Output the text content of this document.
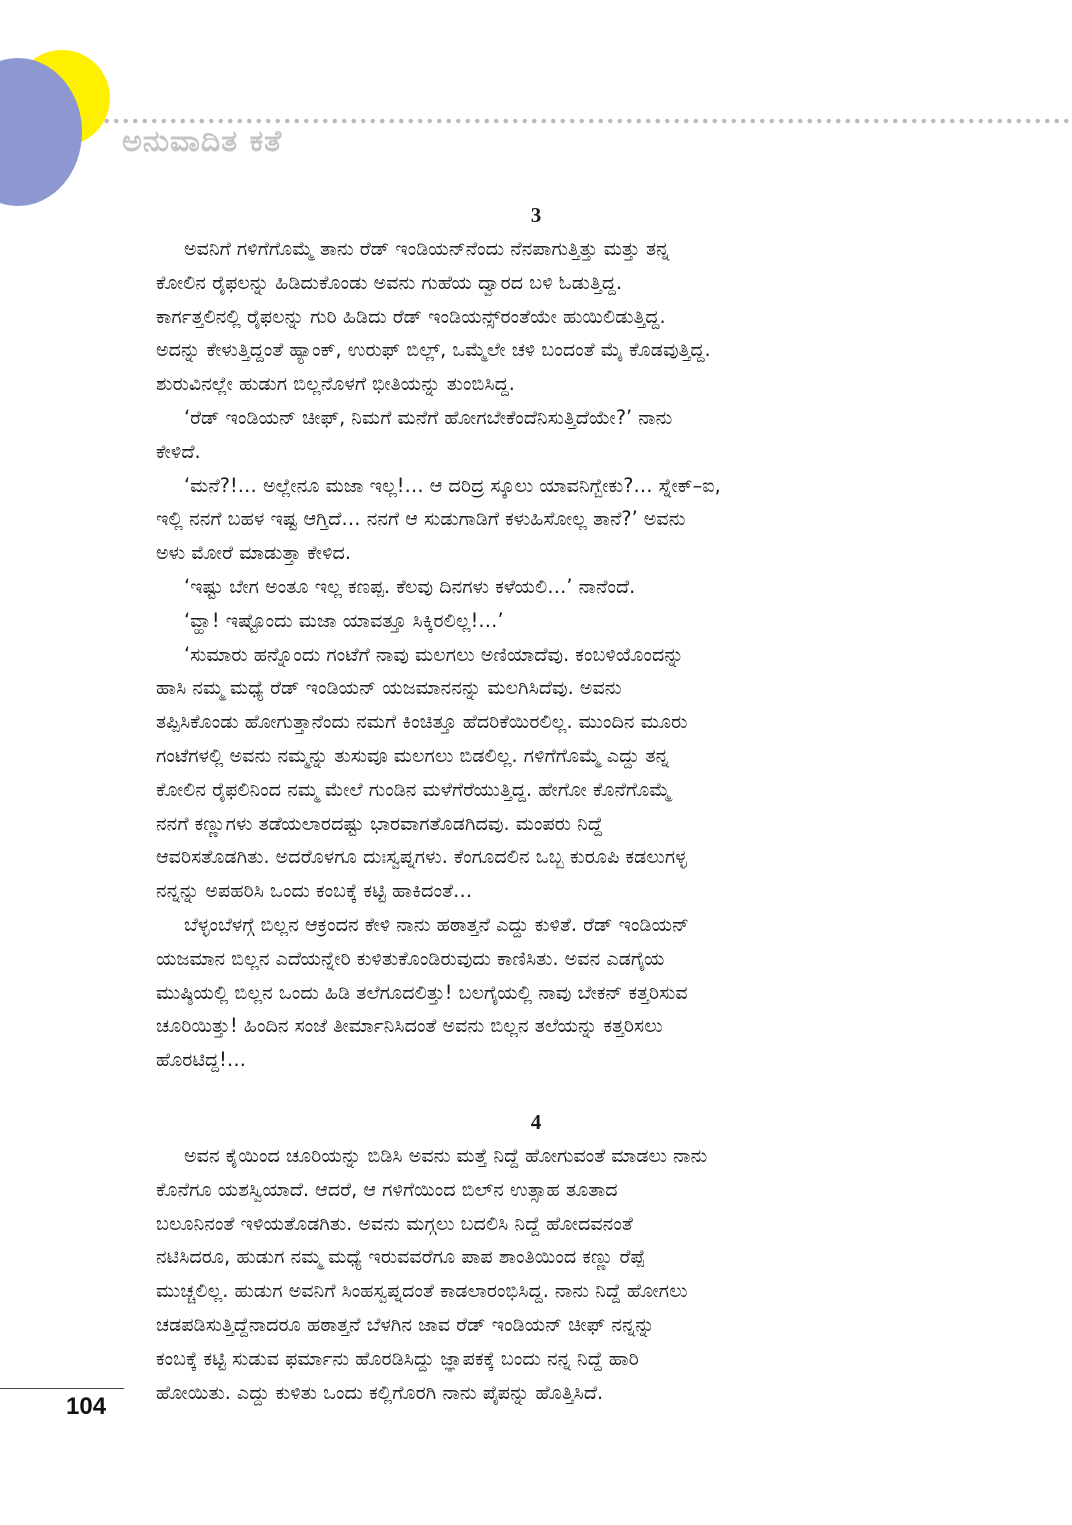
ಅನುವಾದಿತ ಕತೆ
3

ಅವನಿಗೆ ಗಳಿಗೆಗೊಮ್ಮೆ ತಾನು ರೆಡ್ ಇಂಡಿಯನ್‌ನೆಂದು ನೆನಪಾಗುತ್ತಿತ್ತು ಮತ್ತು ತನ್ನ
ಕೋಲಿನ ರೈಫಲನ್ನು ಹಿಡಿದುಕೊಂಡು ಅವನು ಗುಹೆಯ ದ್ವಾರದ ಬಳಿ ಓಡುತ್ತಿದ್ದ.
ಕಾರ್ಗತ್ತಲಿನಲ್ಲಿ ರೈಫಲನ್ನು ಗುರಿ ಹಿಡಿದು ರೆಡ್ ಇಂಡಿಯನ್ಸ್‌ರಂತೆಯೇ ಹುಯಿಲಿಡುತ್ತಿದ್ದ.
ಅದನ್ನು ಕೇಳುತ್ತಿದ್ದಂತೆ ಹ್ಯಾಂಕ್, ಉರುಫ್ ಬಿಲ್ಲ್, ಒಮ್ಮೆಲೇ ಚಳಿ ಬಂದಂತೆ ಮೈ ಕೊಡವುತ್ತಿದ್ದ.
ಶುರುವಿನಲ್ಲೇ ಹುಡುಗ ಬಿಲ್ಲನೊಳಗೆ ಭೀತಿಯನ್ನು ತುಂಬಿಸಿದ್ದ.

‘ರೆಡ್ ಇಂಡಿಯನ್ ಚೀಫ್, ನಿಮಗೆ ಮನೆಗೆ ಹೋಗಬೇಕೆಂದೆನಿಸುತ್ತಿದೆಯೇ?’ ನಾನು
ಕೇಳಿದೆ.

‘ಮನೆ?!… ಅಲ್ಲೇನೂ ಮಜಾ ಇಲ್ಲ!… ಆ ದರಿದ್ರ ಸ್ಕೂಲು ಯಾವನಿಗ್ಬೇಕು?… ಸ್ನೇಕ್–ಐ,
ಇಲ್ಲಿ ನನಗೆ ಬಹಳ ಇಷ್ಟ ಆಗ್ತಿದೆ… ನನಗೆ ಆ ಸುಡುಗಾಡಿಗೆ ಕಳುಹಿಸೋಲ್ಲ ತಾನೆ?’ ಅವನು
ಅಳು ಮೋರೆ ಮಾಡುತ್ತಾ ಕೇಳಿದ.

‘ಇಷ್ಟು ಬೇಗ ಅಂತೂ ಇಲ್ಲ ಕಣಪ್ಪ. ಕೆಲವು ದಿನಗಳು ಕಳೆಯಲಿ…’ ನಾನೆಂದೆ.

‘ವ್ಹಾ! ಇಷ್ಟೊಂದು ಮಜಾ ಯಾವತ್ತೂ ಸಿಕ್ಕಿರಲಿಲ್ಲ!…’

‘ಸುಮಾರು ಹನ್ನೊಂದು ಗಂಟೆಗೆ ನಾವು ಮಲಗಲು ಅಣಿಯಾದೆವು. ಕಂಬಳಿಯೊಂದನ್ನು
ಹಾಸಿ ನಮ್ಮ ಮಧ್ಯೆ ರೆಡ್ ಇಂಡಿಯನ್ ಯಜಮಾನನನ್ನು ಮಲಗಿಸಿದೆವು. ಅವನು
ತಪ್ಪಿಸಿಕೊಂಡು ಹೋಗುತ್ತಾನೆಂದು ನಮಗೆ ಕಿಂಚಿತ್ತೂ ಹೆದರಿಕೆಯಿರಲಿಲ್ಲ. ಮುಂದಿನ ಮೂರು
ಗಂಟೆಗಳಲ್ಲಿ ಅವನು ನಮ್ಮನ್ನು ತುಸುವೂ ಮಲಗಲು ಬಿಡಲಿಲ್ಲ. ಗಳಿಗೆಗೊಮ್ಮೆ ಎದ್ದು ತನ್ನ
ಕೋಲಿನ ರೈಫಲಿನಿಂದ ನಮ್ಮ ಮೇಲೆ ಗುಂಡಿನ ಮಳೆಗೆರೆಯುತ್ತಿದ್ದ. ಹೇಗೋ ಕೊನೆಗೊಮ್ಮೆ
ನನಗೆ ಕಣ್ಣುಗಳು ತಡೆಯಲಾರದಷ್ಟು ಭಾರವಾಗತೊಡಗಿದವು. ಮಂಪರು ನಿದ್ದೆ
ಆವರಿಸತೊಡಗಿತು. ಅದರೊಳಗೂ ದುಃಸ್ವಪ್ನಗಳು. ಕೆಂಗೂದಲಿನ ಒಬ್ಬ ಕುರೂಪಿ ಕಡಲುಗಳ್ಳ
ನನ್ನನ್ನು ಅಪಹರಿಸಿ ಒಂದು ಕಂಬಕ್ಕೆ ಕಟ್ಟಿ ಹಾಕಿದಂತೆ…

ಬೆಳ್ಳಂಬೆಳಗ್ಗೆ ಬಿಲ್ಲನ ಆಕ್ರಂದನ ಕೇಳಿ ನಾನು ಹಠಾತ್ತನೆ ಎದ್ದು ಕುಳಿತೆ. ರೆಡ್ ಇಂಡಿಯನ್
ಯಜಮಾನ ಬಿಲ್ಲನ ಎದೆಯನ್ನೇರಿ ಕುಳಿತುಕೊಂಡಿರುವುದು ಕಾಣಿಸಿತು. ಅವನ ಎಡಗೈಯ
ಮುಷ್ಠಿಯಲ್ಲಿ ಬಿಲ್ಲನ ಒಂದು ಹಿಡಿ ತಲೆಗೂದಲಿತ್ತು! ಬಲಗೈಯಲ್ಲಿ ನಾವು ಬೇಕನ್ ಕತ್ತರಿಸುವ
ಚೂರಿಯಿತ್ತು! ಹಿಂದಿನ ಸಂಜೆ ತೀರ್ಮಾನಿಸಿದಂತೆ ಅವನು ಬಿಲ್ಲನ ತಲೆಯನ್ನು ಕತ್ತರಿಸಲು
ಹೊರಟಿದ್ದ!…

4

ಅವನ ಕೈಯಿಂದ ಚೂರಿಯನ್ನು ಬಿಡಿಸಿ ಅವನು ಮತ್ತೆ ನಿದ್ದೆ ಹೋಗುವಂತೆ ಮಾಡಲು ನಾನು
ಕೊನೆಗೂ ಯಶಸ್ವಿಯಾದೆ. ಆದರೆ, ಆ ಗಳಿಗೆಯಿಂದ ಬಿಲ್‌ನ ಉತ್ಸಾಹ ತೂತಾದ
ಬಲೂನಿನಂತೆ ಇಳಿಯತೊಡಗಿತು. ಅವನು ಮಗ್ಗಲು ಬದಲಿಸಿ ನಿದ್ದೆ ಹೋದವನಂತೆ
ನಟಿಸಿದರೂ, ಹುಡುಗ ನಮ್ಮ ಮಧ್ಯೆ ಇರುವವರೆಗೂ ಪಾಪ ಶಾಂತಿಯಿಂದ ಕಣ್ಣು ರೆಪ್ಪೆ
ಮುಚ್ಚಲಿಲ್ಲ. ಹುಡುಗ ಅವನಿಗೆ ಸಿಂಹಸ್ವಪ್ನದಂತೆ ಕಾಡಲಾರಂಭಿಸಿದ್ದ. ನಾನು ನಿದ್ದೆ ಹೋಗಲು
ಚಡಪಡಿಸುತ್ತಿದ್ದೆನಾದರೂ ಹಠಾತ್ತನೆ ಬೆಳಗಿನ ಜಾವ ರೆಡ್ ಇಂಡಿಯನ್ ಚೀಫ್ ನನ್ನನ್ನು
ಕಂಬಕ್ಕೆ ಕಟ್ಟಿ ಸುಡುವ ಫರ್ಮಾನು ಹೊರಡಿಸಿದ್ದು ಜ್ಞಾಪಕಕ್ಕೆ ಬಂದು ನನ್ನ ನಿದ್ದೆ ಹಾರಿ
ಹೋಯಿತು. ಎದ್ದು ಕುಳಿತು ಒಂದು ಕಲ್ಲಿಗೊರಗಿ ನಾನು ಪೈಪನ್ನು ಹೊತ್ತಿಸಿದೆ.

104
